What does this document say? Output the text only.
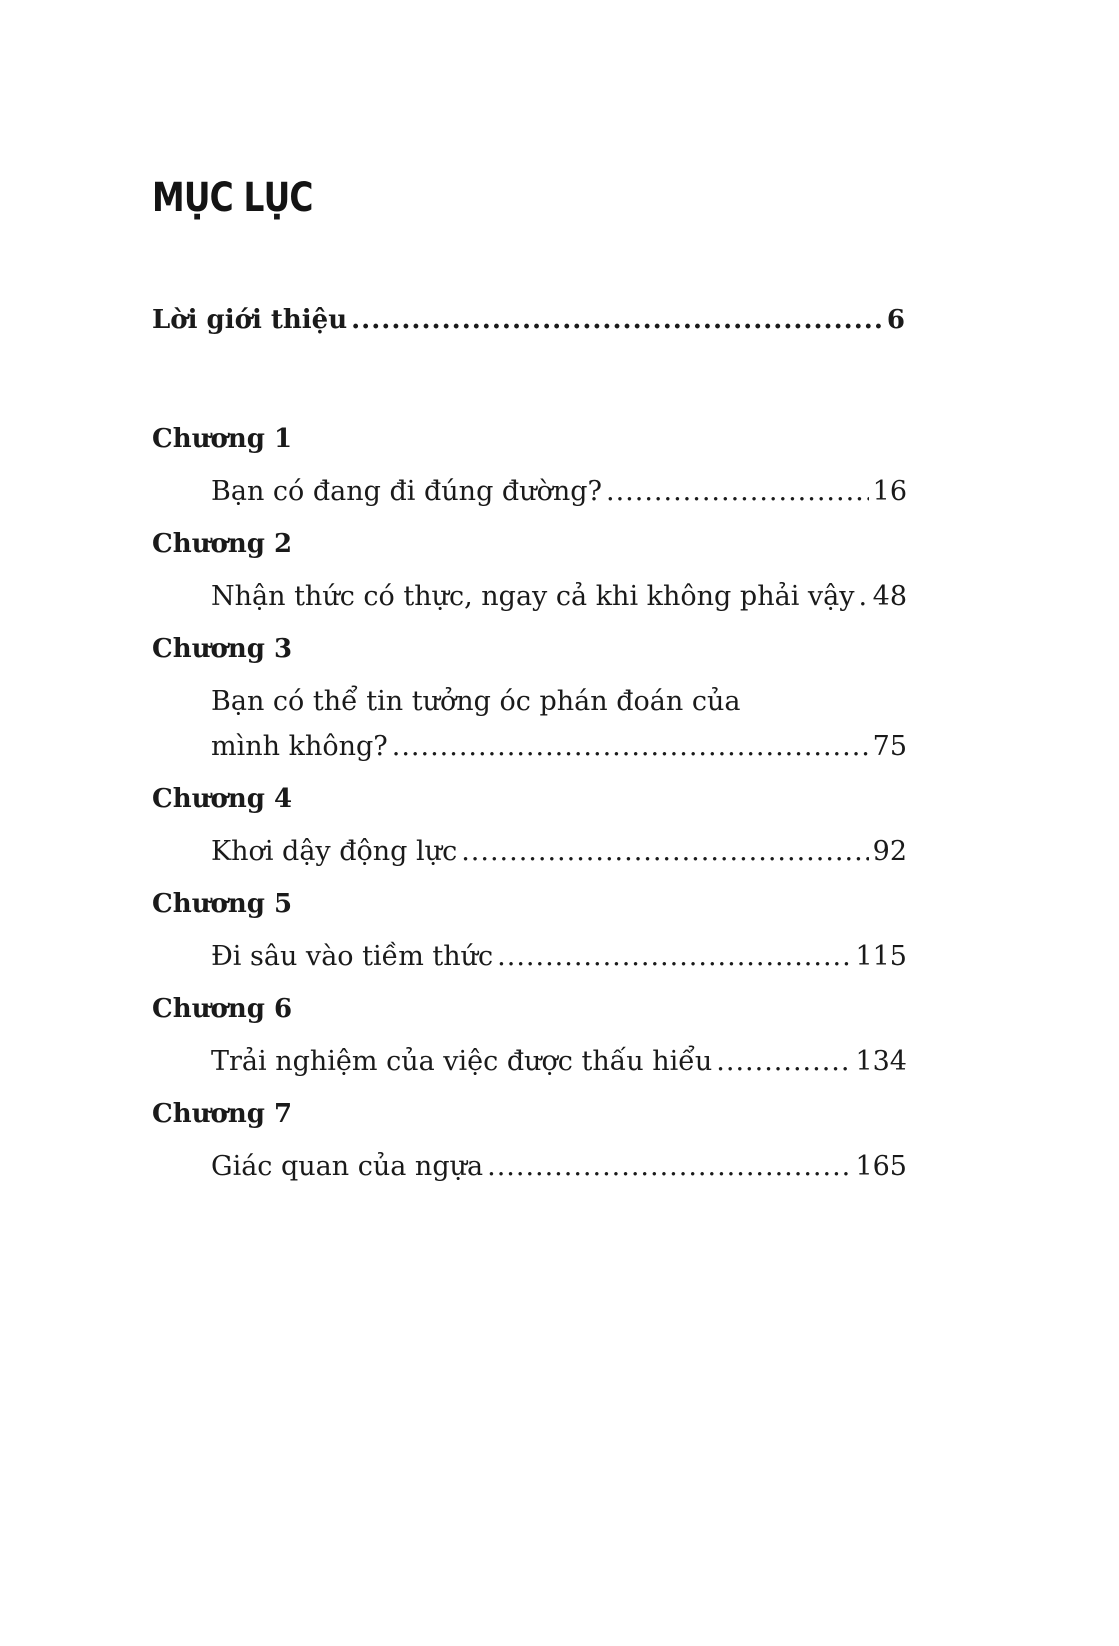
MỤC LỤC
Lời giới thiệu .....	6
Chương 1
Bạn có đang đi đúng đường? .....	16
Chương 2
Nhận thức có thực, ngay cả khi không phải vậy ..... 48
Chương 3
Bạn có thể tin tưởng óc phán đoán của
mình không? .....	75
Chương 4
Khơi dậy động lực .....	92
Chương 5
Đi sâu vào tiềm thức .....	115
Chương 6
Trải nghiệm của việc được thấu hiểu .....	134
Chương 7
Giác quan của ngựa .....	165
